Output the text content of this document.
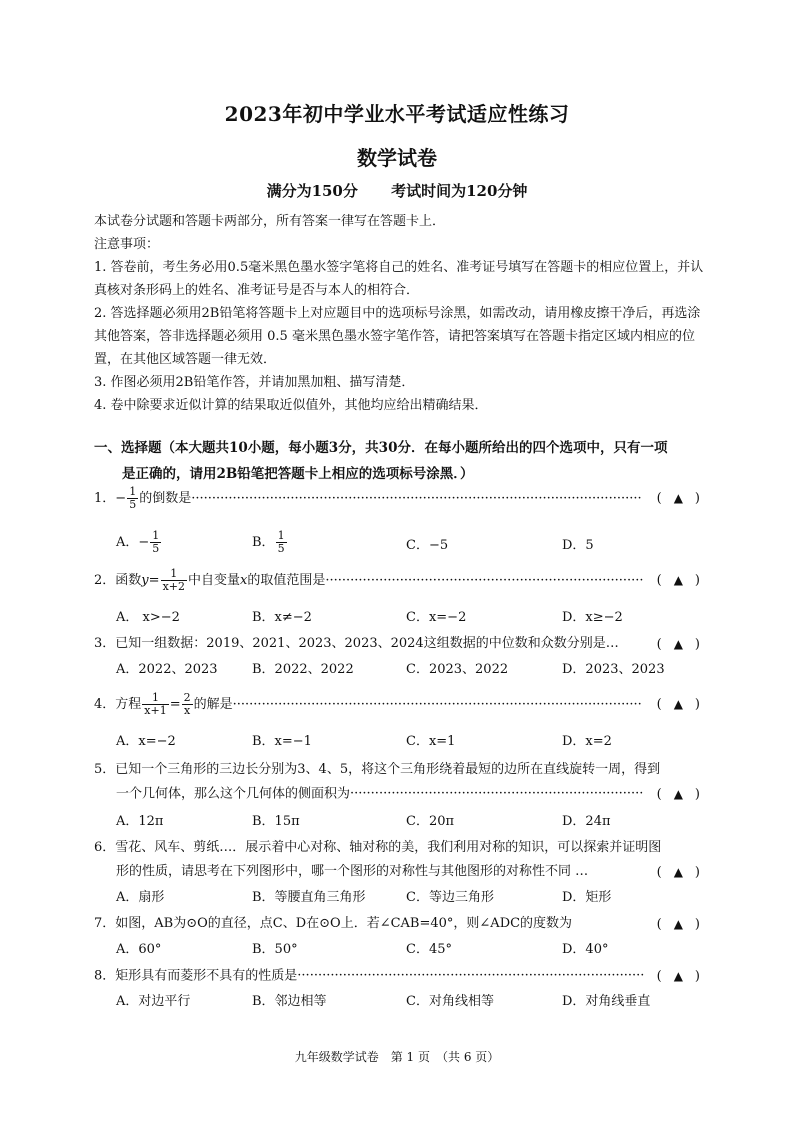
2023年初中学业水平考试适应性练习
数学试卷
满分为150分 考试时间为120分钟
本试卷分试题和答题卡两部分，所有答案一律写在答题卡上．
注意事项：
1. 答卷前，考生务必用0.5毫米黑色墨水签字笔将自己的姓名、准考证号填写在答题卡的相应位置上，并认真核对条形码上的姓名、准考证号是否与本人的相符合．
2. 答选择题必须用2B铅笔将答题卡上对应题目中的选项标号涂黑，如需改动，请用橡皮擦干净后，再选涂其他答案，答非选择题必须用 0.5 毫米黑色墨水签字笔作答，请把答案填写在答题卡指定区域内相应的位置，在其他区域答题一律无效．
3. 作图必须用2B铅笔作答，并请加黑加粗、描写清楚．
4. 卷中除要求近似计算的结果取近似值外，其他均应给出精确结果．
一、选择题（本大题共10小题，每小题3分，共30分．在每小题所给出的四个选项中，只有一项
是正确的，请用2B铅笔把答题卡上相应的选项标号涂黑．）
1．− $\frac{1}{5}$ 的倒数是············································································································· ( ▲ )
A．− $\frac{1}{5}$	B． $\frac{1}{5}$	C．−5	D．5
2．函数$y= \frac{1}{x+2}$ 中自变量x的取值范围是············································································· ( ▲ )
A． x>−2	B．x≠−2	C．x=−2	D．x≥−2
3．已知一组数据：2019、2021、2023、2023、2024这组数据的中位数和众数分别是…	( ▲ )
A．2022、2023	B．2022、2022	C．2023、2022	D．2023、2023
4．方程 $\frac{1}{x+1} = \frac{2}{x}$ 的解是··································································································· ( ▲ )
A．x=−2	B．x=−1	C．x=1	D．x=2
5．已知一个三角形的三边长分别为3、4、5，将这个三角形绕着最短的边所在直线旋转一周，得到
一个几何体，那么这个几何体的侧面积为······································································· ( ▲ )
A．12π	B．15π	C．20π	D．24π
6．雪花、风车、剪纸…．展示着中心对称、轴对称的美，我们利用对称的知识，可以探索并证明图
形的性质，请思考在下列图形中，哪一个图形的对称性与其他图形的对称性不同 …	( ▲ )
A．扇形	B．等腰直角三角形	C．等边三角形	D．矩形
7．如图，AB为⊙O的直径，点C、D在⊙O上．若∠CAB=40°，则∠ADC的度数为	( ▲ )
A．60°	B．50°	C．45°	D．40°
8．矩形具有而菱形不具有的性质是···················································································· ( ▲ )
A．对边平行	B．邻边相等	C．对角线相等	D．对角线垂直
九年级数学试卷　第 1 页　（共 6 页）
